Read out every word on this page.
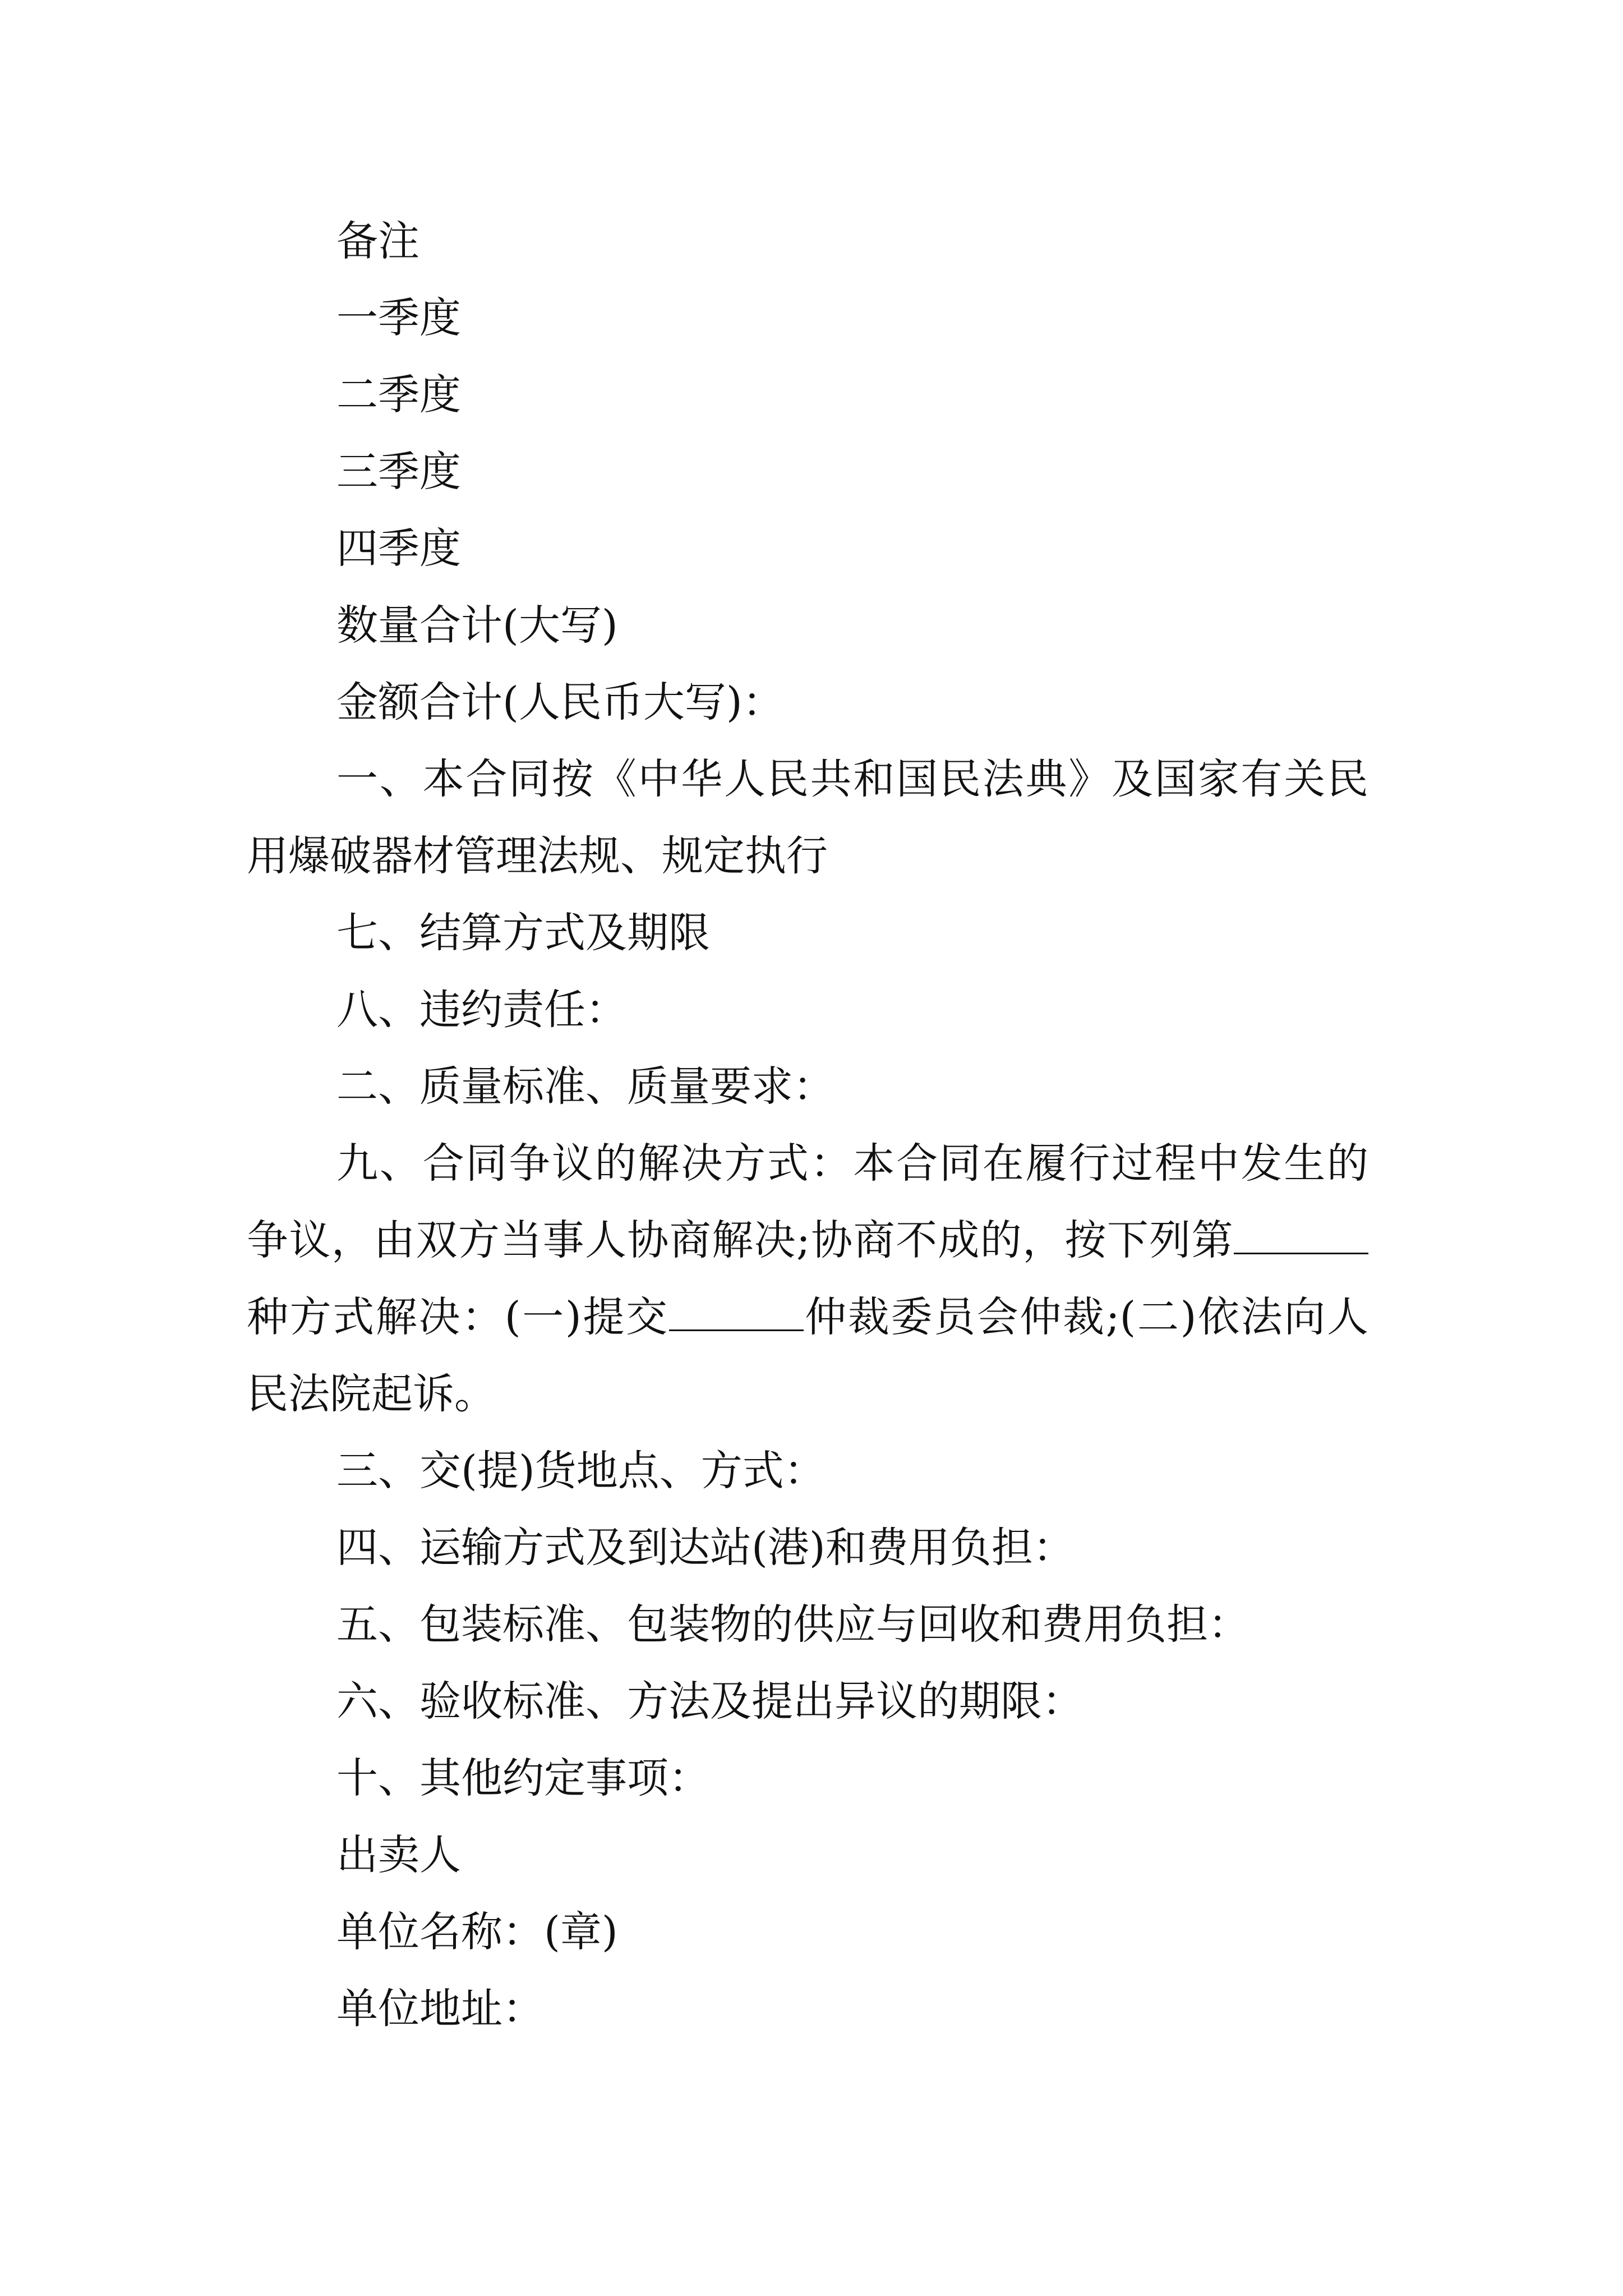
备注

一季度

二季度

三季度

四季度

数量合计(大写)

金额合计(人民币大写)：

一、本合同按《中华人民共和国民法典》及国家有关民用爆破器材管理法规、规定执行

七、结算方式及期限

八、违约责任：

二、质量标准、质量要求：

九、合同争议的解决方式：本合同在履行过程中发生的争议，由双方当事人协商解决;协商不成的，按下列第种方式解决：(一)提交	仲裁委员会仲裁;(二)依法向人民法院起诉。

三、交(提)货地点、方式：

四、运输方式及到达站(港)和费用负担：

五、包装标准、包装物的供应与回收和费用负担：

六、验收标准、方法及提出异议的期限：

十、其他约定事项：

出卖人

单位名称：(章)

单位地址：
